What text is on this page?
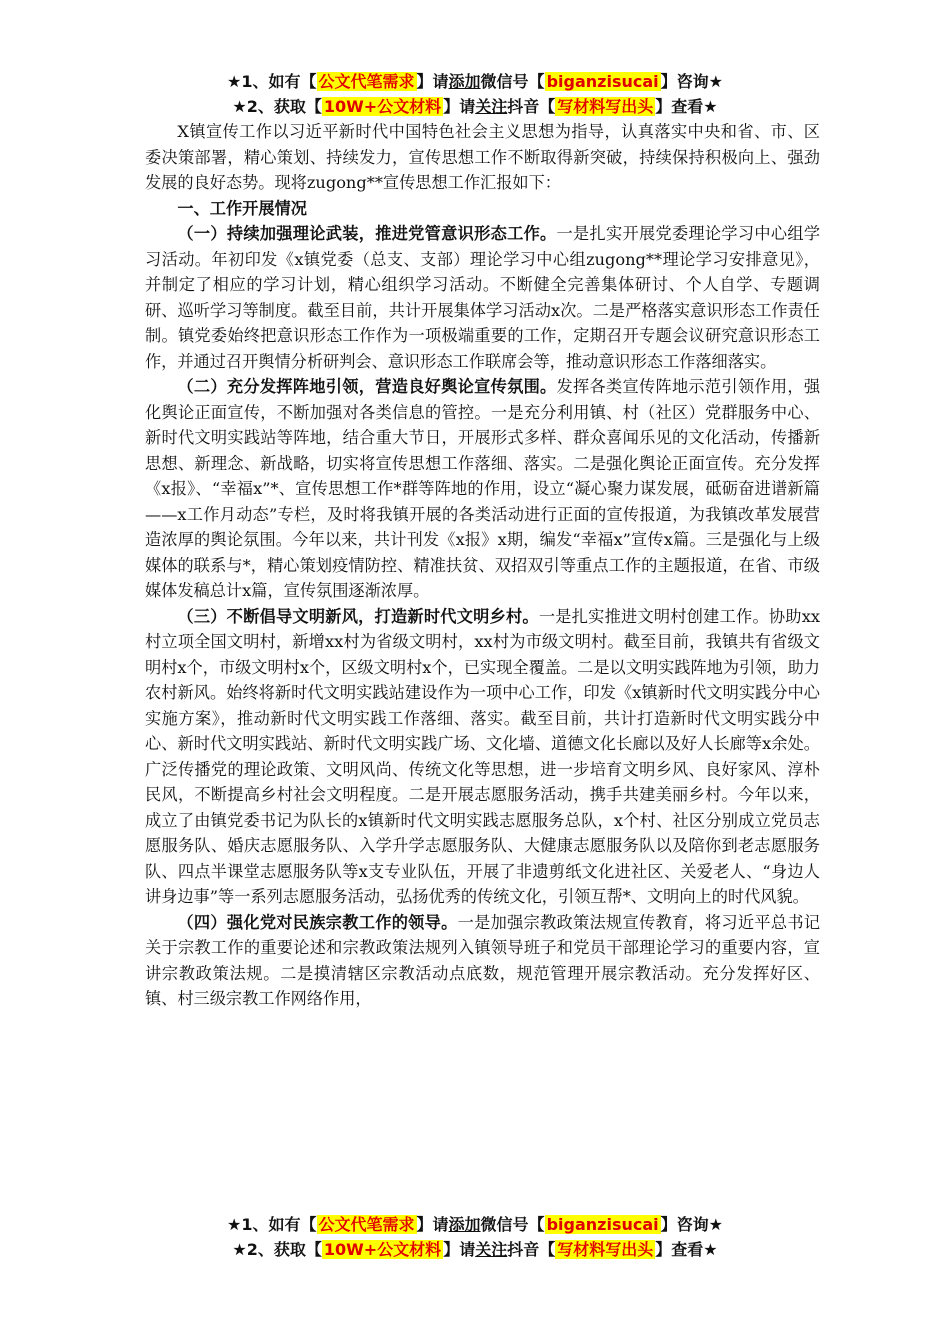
★1、如有【 公文代笔需求 】请添加微信号【 biganzisucai 】咨询★
★2、获取【 10W+公文材料 】请关注抖音【 写材料写出头 】查看★

X镇宣传工作以习近平新时代中国特色社会主义思想为指导，认真落实中央和省、市、区委决策部署，精心策划、持续发力，宣传思想工作不断取得新突破，持续保持积极向上、强劲发展的良好态势。现将zugong**宣传思想工作汇报如下：

一、工作开展情况

（一）持续加强理论武装，推进党管意识形态工作。一是扎实开展党委理论学习中心组学习活动。年初印发《x镇党委（总支、支部）理论学习中心组zugong**理论学习安排意见》，并制定了相应的学习计划，精心组织学习活动。不断健全完善集体研讨、个人自学、专题调研、巡听学习等制度。截至目前，共计开展集体学习活动x次。二是严格落实意识形态工作责任制。镇党委始终把意识形态工作作为一项极端重要的工作，定期召开专题会议研究意识形态工作，并通过召开舆情分析研判会、意识形态工作联席会等，推动意识形态工作落细落实。

（二）充分发挥阵地引领，营造良好舆论宣传氛围。发挥各类宣传阵地示范引领作用，强化舆论正面宣传，不断加强对各类信息的管控。一是充分利用镇、村（社区）党群服务中心、新时代文明实践站等阵地，结合重大节日，开展形式多样、群众喜闻乐见的文化活动，传播新思想、新理念、新战略，切实将宣传思想工作落细、落实。二是强化舆论正面宣传。充分发挥《x报》、“幸福x”*、宣传思想工作*群等阵地的作用，设立“凝心聚力谋发展，砥砺奋进谱新篇——x工作月动态”专栏，及时将我镇开展的各类活动进行正面的宣传报道，为我镇改革发展营造浓厚的舆论氛围。今年以来，共计刊发《x报》x期，编发“幸福x”宣传x篇。三是强化与上级媒体的联系与*，精心策划疫情防控、精准扶贫、双招双引等重点工作的主题报道，在省、市级媒体发稿总计x篇，宣传氛围逐渐浓厚。

（三）不断倡导文明新风，打造新时代文明乡村。一是扎实推进文明村创建工作。协助xx村立项全国文明村，新增xx村为省级文明村，xx村为市级文明村。截至目前，我镇共有省级文明村x个，市级文明村x个，区级文明村x个，已实现全覆盖。二是以文明实践阵地为引领，助力农村新风。始终将新时代文明实践站建设作为一项中心工作，印发《x镇新时代文明实践分中心实施方案》，推动新时代文明实践工作落细、落实。截至目前，共计打造新时代文明实践分中心、新时代文明实践站、新时代文明实践广场、文化墙、道德文化长廊以及好人长廊等x余处。广泛传播党的理论政策、文明风尚、传统文化等思想，进一步培育文明乡风、良好家风、淳朴民风，不断提高乡村社会文明程度。二是开展志愿服务活动，携手共建美丽乡村。今年以来，成立了由镇党委书记为队长的x镇新时代文明实践志愿服务总队，x个村、社区分别成立党员志愿服务队、婚庆志愿服务队、入学升学志愿服务队、大健康志愿服务队以及陪你到老志愿服务队、四点半课堂志愿服务队等x支专业队伍，开展了非遗剪纸文化进社区、关爱老人、“身边人讲身边事”等一系列志愿服务活动，弘扬优秀的传统文化，引领互帮*、文明向上的时代风貌。

（四）强化党对民族宗教工作的领导。一是加强宗教政策法规宣传教育，将习近平总书记关于宗教工作的重要论述和宗教政策法规列入镇领导班子和党员干部理论学习的重要内容，宣讲宗教政策法规。二是摸清辖区宗教活动点底数，规范管理开展宗教活动。充分发挥好区、镇、村三级宗教工作网络作用，

★1、如有【 公文代笔需求 】请添加微信号【 biganzisucai 】咨询★
★2、获取【 10W+公文材料 】请关注抖音【 写材料写出头 】查看★
